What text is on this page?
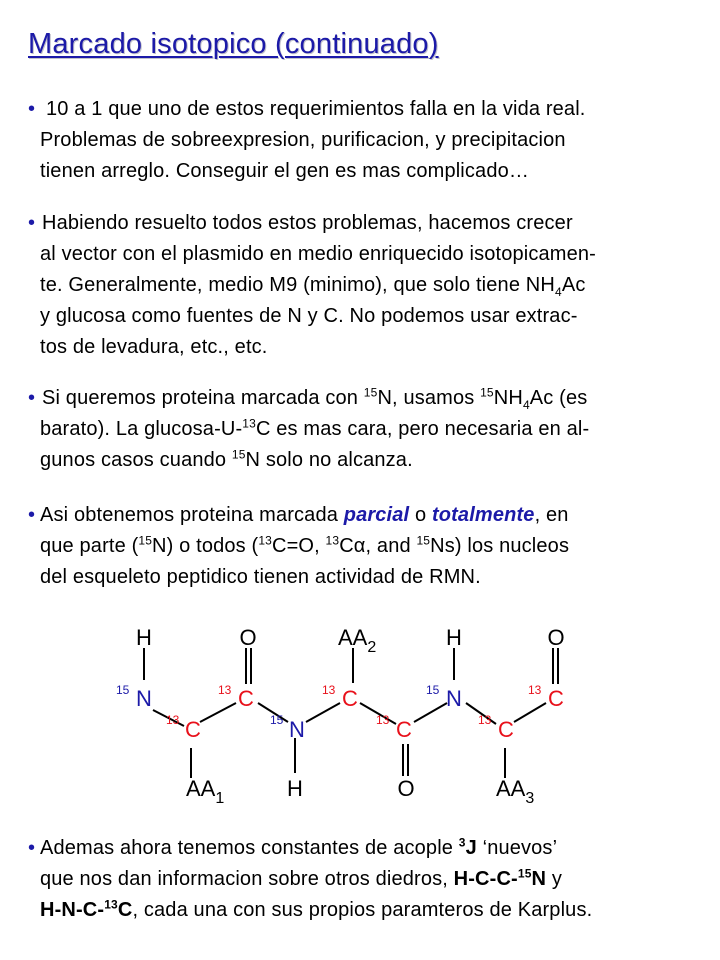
Marcado isotopico (continuado)
• 10 a 1 que uno de estos requerimientos falla en la vida real.
Problemas de sobreexpresion, purificacion, y precipitacion
tienen arreglo. Conseguir el gen es mas complicado…
• Habiendo resuelto todos estos problemas, hacemos crecer
al vector con el plasmido en medio enriquecido isotopicamen-
te. Generalmente, medio M9 (minimo), que solo tiene $NH_4Ac$
y glucosa como fuentes de N y C. No podemos usar extrac-
tos de levadura, etc., etc.
• Si queremos proteina marcada con $^{15}$N, usamos $^{15}NH_4Ac$ (es
barato). La glucosa-U-$^{13}$C es mas cara, pero necesaria en al-
gunos casos cuando $^{15}$N solo no alcanza.
• Asi obtenemos proteina marcada parcial o totalmente, en
que parte ($^{15}$N) o todos ($^{13}$C=O, $^{13}$Cα, and $^{15}$Ns) los nucleos
del esqueleto peptidico tienen actividad de RMN.
H	O	$AA_2$	H	O
15 N	13 C	13 C	15 N	13 C
13 C	15 N	13 C	13 C
$AA_1$	H	O	$AA_3$
• Ademas ahora tenemos constantes de acople $^3$J ‘nuevos’
que nos dan informacion sobre otros diedros, H-C-C-$^{15}$N y
H-N-C-$^{13}$C, cada una con sus propios paramteros de Karplus.
